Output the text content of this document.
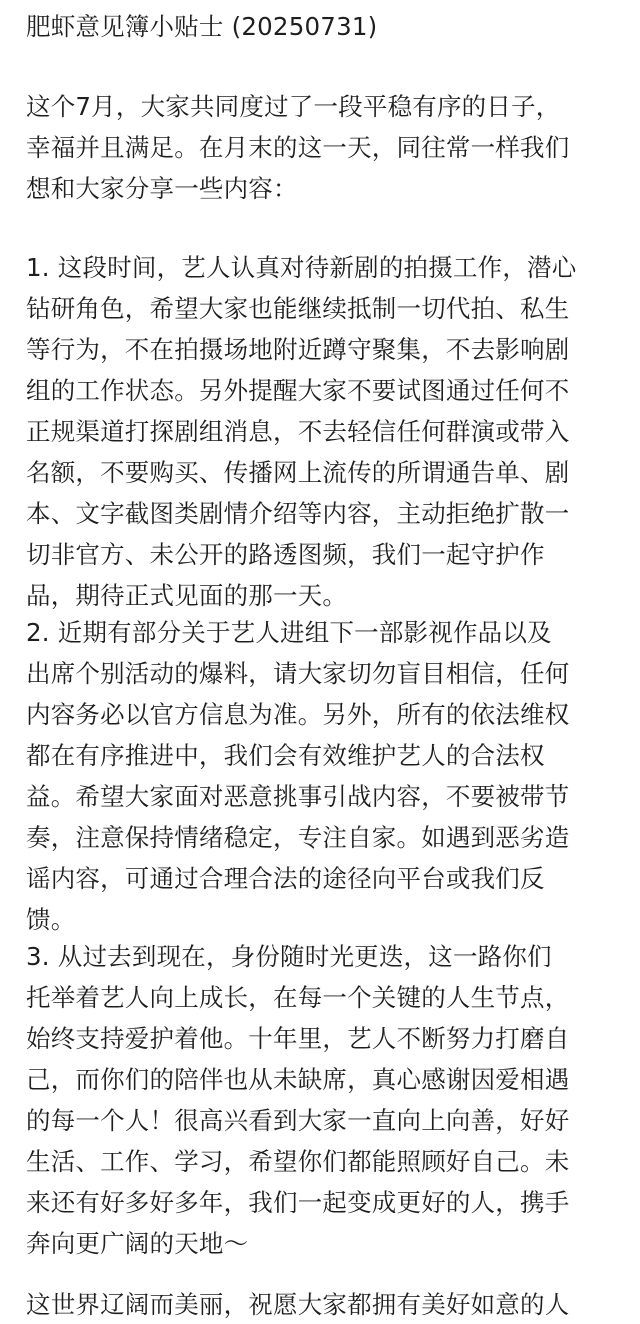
肥虾意见簿小贴士 (20250731)

这个7月，大家共同度过了一段平稳有序的日子，

幸福并且满足。在月末的这一天，同往常一样我们

想和大家分享一些内容：

1. 这段时间，艺人认真对待新剧的拍摄工作，潜心

钻研角色，希望大家也能继续抵制一切代拍、私生

等行为，不在拍摄场地附近蹲守聚集，不去影响剧

组的工作状态。另外提醒大家不要试图通过任何不

正规渠道打探剧组消息，不去轻信任何群演或带入

名额，不要购买、传播网上流传的所谓通告单、剧

本、文字截图类剧情介绍等内容，主动拒绝扩散一

切非官方、未公开的路透图频，我们一起守护作

品，期待正式见面的那一天。

2. 近期有部分关于艺人进组下一部影视作品以及

出席个别活动的爆料，请大家切勿盲目相信，任何

内容务必以官方信息为准。另外，所有的依法维权

都在有序推进中，我们会有效维护艺人的合法权

益。希望大家面对恶意挑事引战内容，不要被带节

奏，注意保持情绪稳定，专注自家。如遇到恶劣造

谣内容，可通过合理合法的途径向平台或我们反

馈。

3. 从过去到现在，身份随时光更迭，这一路你们

托举着艺人向上成长，在每一个关键的人生节点，

始终支持爱护着他。十年里，艺人不断努力打磨自

己，而你们的陪伴也从未缺席，真心感谢因爱相遇

的每一个人！很高兴看到大家一直向上向善，好好

生活、工作、学习，希望你们都能照顾好自己。未

来还有好多好多年，我们一起变成更好的人，携手

奔向更广阔的天地～

这世界辽阔而美丽，祝愿大家都拥有美好如意的人
